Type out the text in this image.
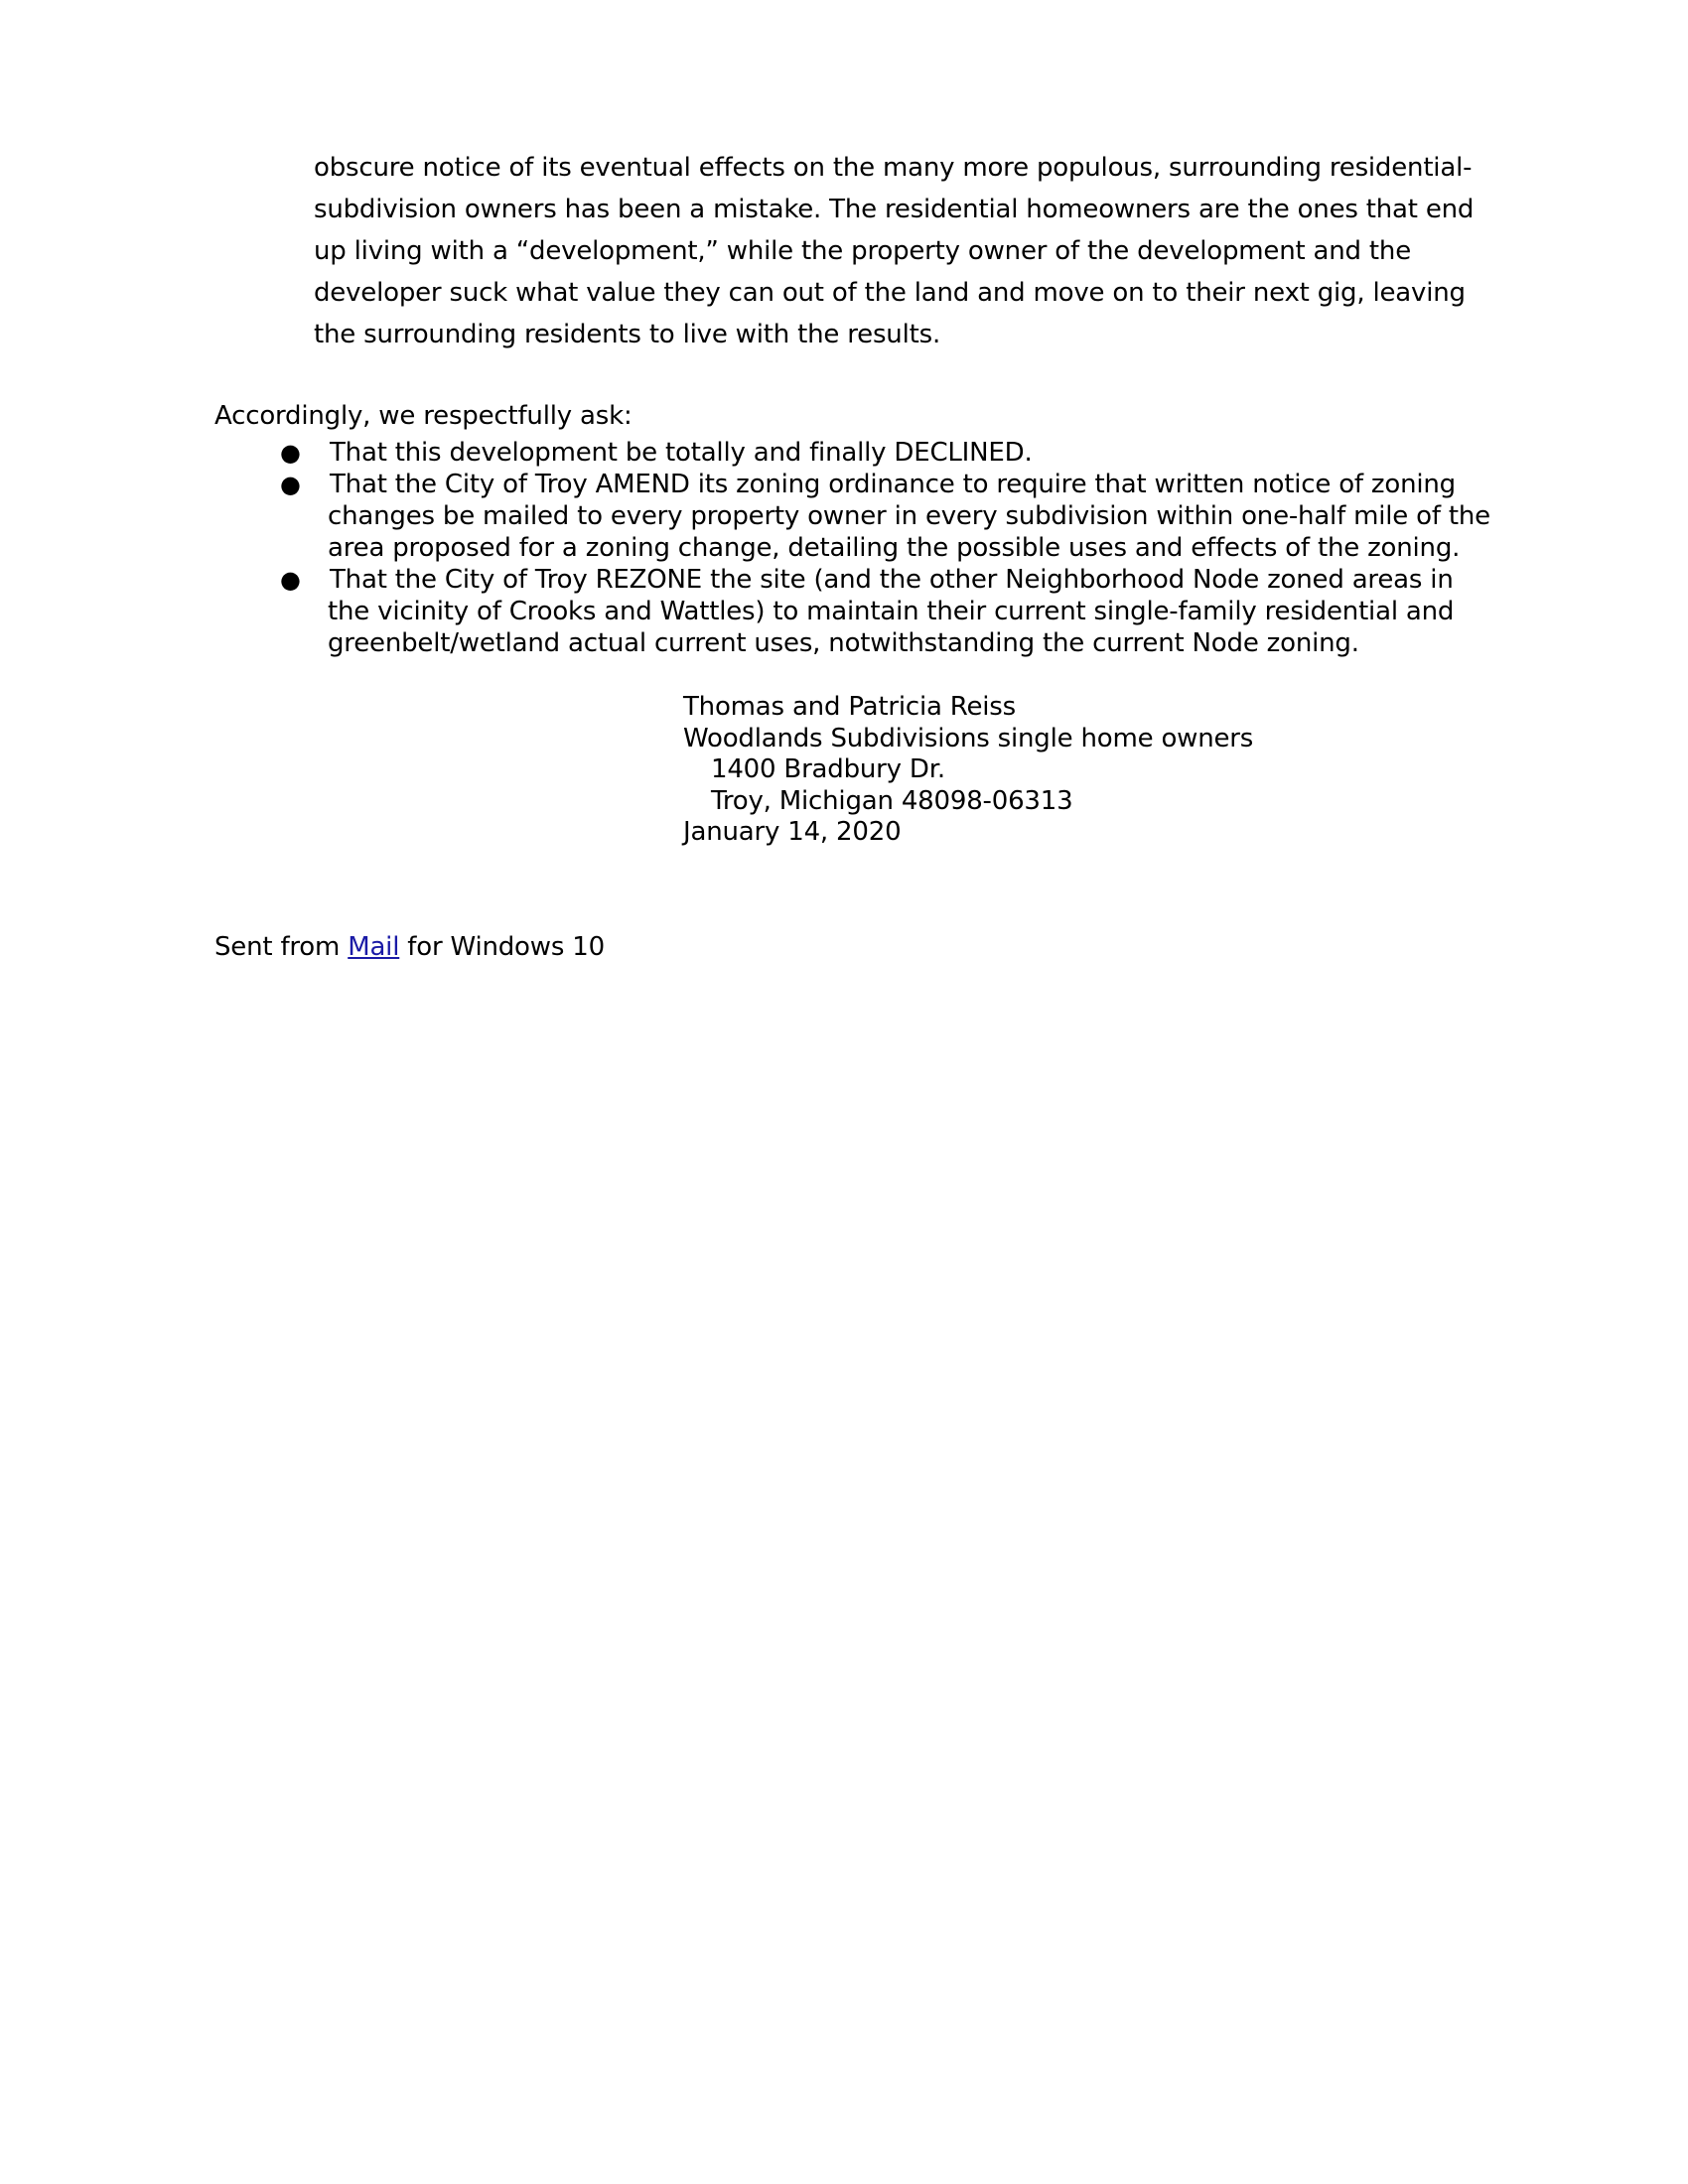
obscure notice of its eventual effects on the many more populous, surrounding residential-
subdivision owners has been a mistake. The residential homeowners are the ones that end
up living with a “development,” while the property owner of the development and the
developer suck what value they can out of the land and move on to their next gig, leaving
the surrounding residents to live with the results.
Accordingly, we respectfully ask:
● That this development be totally and finally DECLINED.
● That the City of Troy AMEND its zoning ordinance to require that written notice of zoning
changes be mailed to every property owner in every subdivision within one-half mile of the
area proposed for a zoning change, detailing the possible uses and effects of the zoning.
● That the City of Troy REZONE the site (and the other Neighborhood Node zoned areas in
the vicinity of Crooks and Wattles) to maintain their current single-family residential and
greenbelt/wetland actual current uses, notwithstanding the current Node zoning.
Thomas and Patricia Reiss
Woodlands Subdivisions single home owners
1400 Bradbury Dr.
Troy, Michigan 48098-06313
January 14, 2020
Sent from Mail for Windows 10
